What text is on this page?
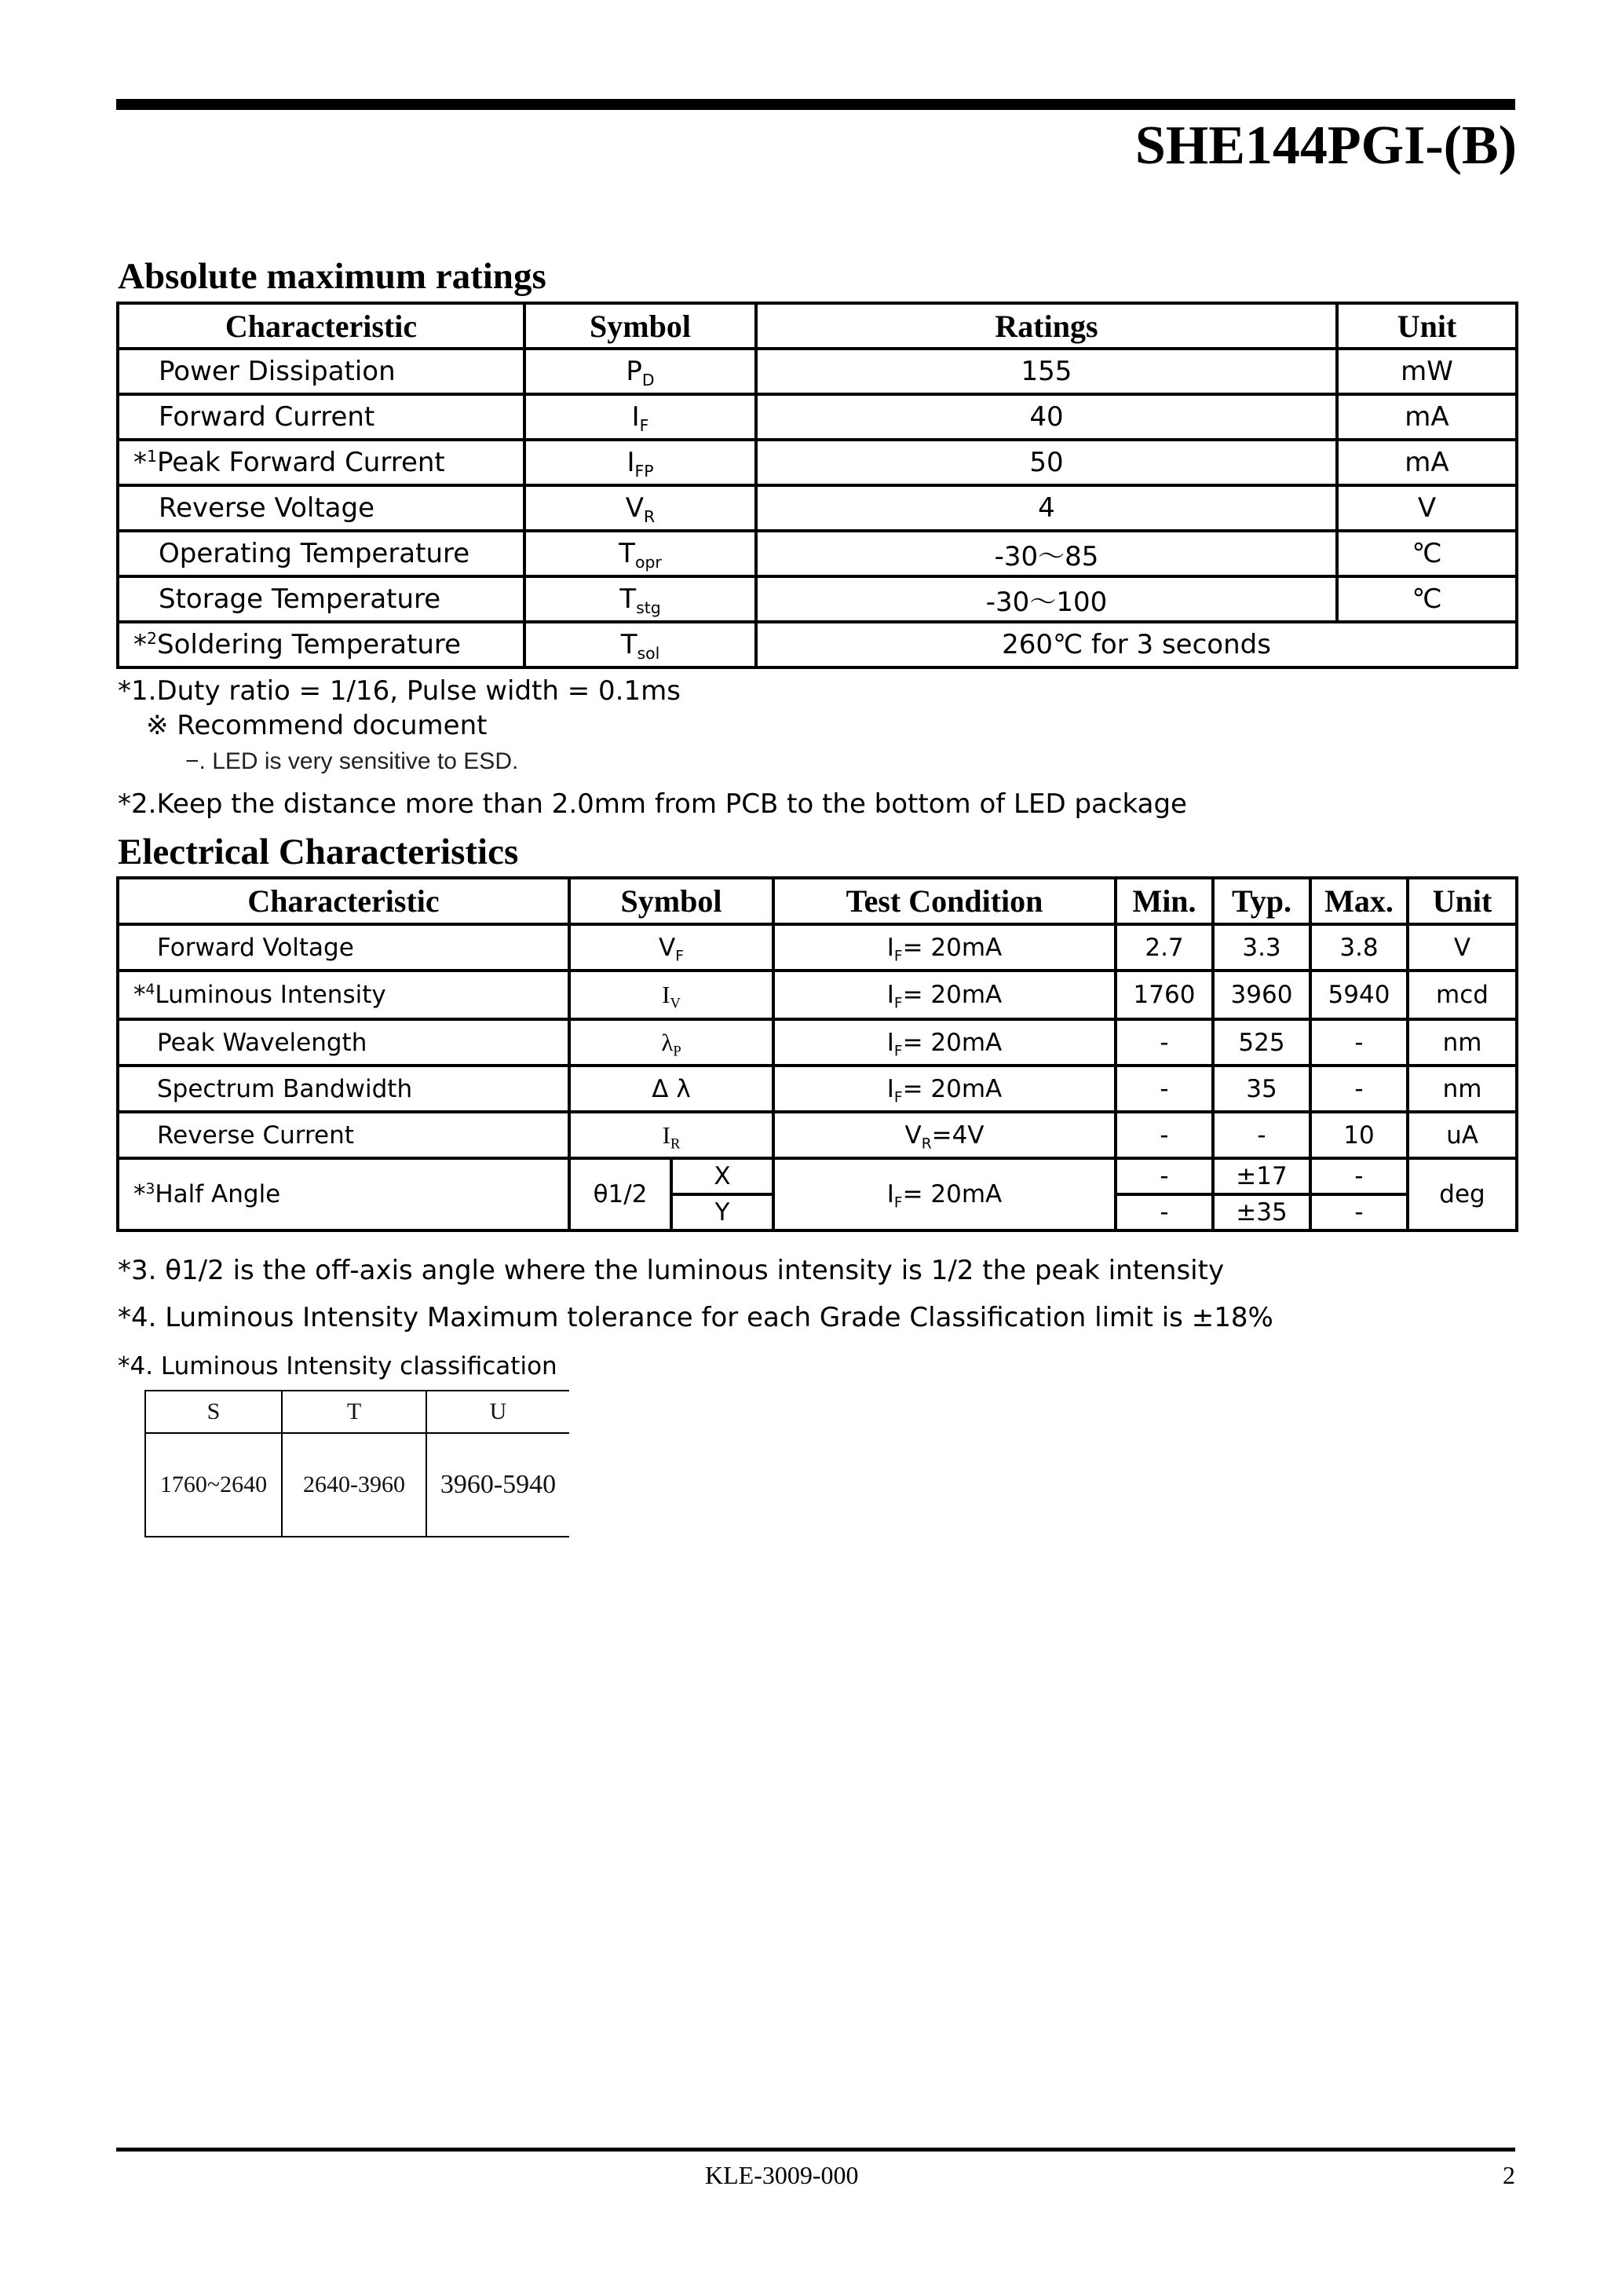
SHE144PGI-(B)
Absolute maximum ratings
Characteristic	Symbol	Ratings	Unit
Power Dissipation	$P_D$	155	mW
Forward Current	$I_F$	40	mA
*$^1$Peak Forward Current	$I_{FP}$	50	mA
Reverse Voltage	$V_R$	4	V
Operating Temperature	$T_{opr}$	-30～85	℃
Storage Temperature	$T_{stg}$	-30～100	℃
*$^2$Soldering Temperature	$T_{sol}$	260℃ for 3 seconds	
*1.Duty ratio = 1/16, Pulse width = 0.1ms
※ Recommend document
−. LED is very sensitive to ESD.
*2.Keep the distance more than 2.0mm from PCB to the bottom of LED package
Electrical Characteristics
Characteristic	Symbol		Test Condition	Min.	Typ.	Max.	Unit
Forward Voltage	$V_F$		$I_F= 20mA$	2.7	3.3	3.8	V
*$^4$Luminous Intensity	$I_V$		$I_F= 20mA$	1760	3960	5940	mcd
Peak Wavelength	$\lambda_P$		$I_F= 20mA$	-	525	-	nm
Spectrum Bandwidth	Δ λ		$I_F= 20mA$	-	35	-	nm
Reverse Current	$I_R$		$V_R=4V$	-	-	10	uA
*$^3$Half Angle	θ1/2	X	$I_F= 20mA$	-	±17	-	deg
		Y		-	±35	-	
*3. θ1/2 is the off-axis angle where the luminous intensity is 1/2 the peak intensity
*4. Luminous Intensity Maximum tolerance for each Grade Classification limit is ±18%
*4. Luminous Intensity classification
S	T	U
1760~2640	2640-3960	3960-5940
KLE-3009-000	2
